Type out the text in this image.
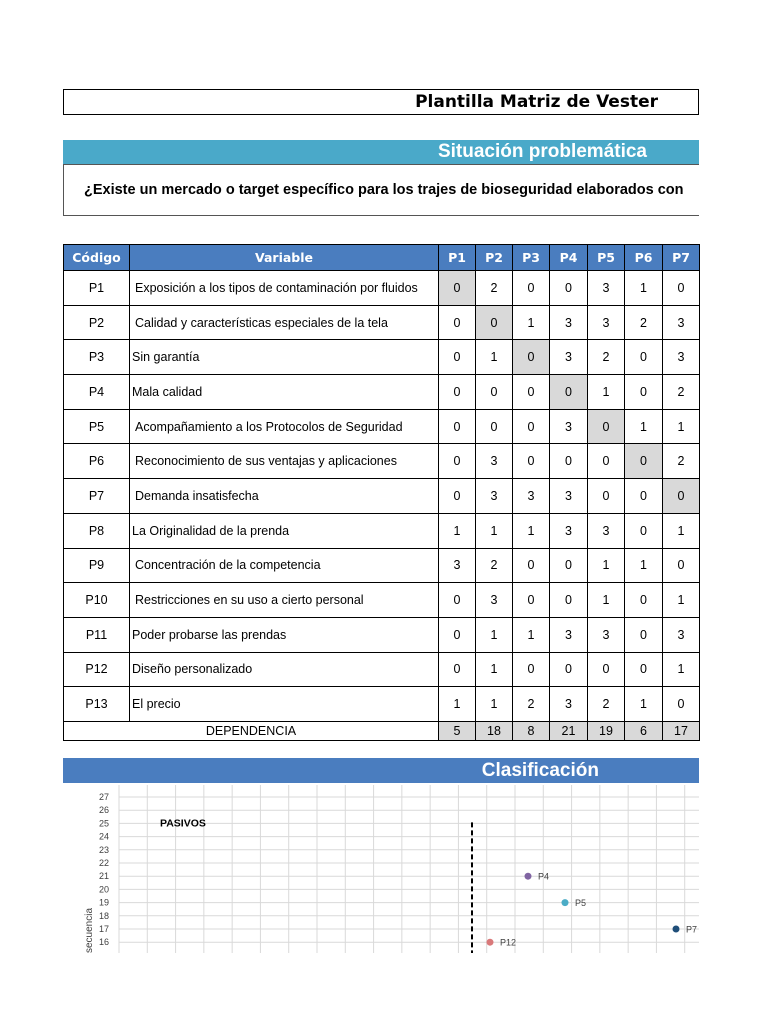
Plantilla Matriz de Vester
Situación problemática
¿Existe un mercado o target específico para los trajes de bioseguridad elaborados con
Código	Variable	P1	P2	P3	P4	P5	P6	P7
P1	Exposición a los tipos de contaminación por fluidos	0	2	0	0	3	1	0
P2	Calidad y características especiales de la tela	0	0	1	3	3	2	3
P3	Sin garantía	0	1	0	3	2	0	3
P4	Mala calidad	0	0	0	0	1	0	2
P5	Acompañamiento a los Protocolos de Seguridad	0	0	0	3	0	1	1
P6	Reconocimiento de sus ventajas y aplicaciones	0	3	0	0	0	0	2
P7	Demanda insatisfecha	0	3	3	3	0	0	0
P8	La Originalidad de la prenda	1	1	1	3	3	0	1
P9	Concentración de la competencia	3	2	0	0	1	1	0
P10	Restricciones en su uso a cierto personal	0	3	0	0	1	0	1
P11	Poder probarse las prendas	0	1	1	3	3	0	3
P12	Diseño personalizado	0	1	0	0	0	0	1
P13	El precio	1	1	2	3	2	1	0
DEPENDENCIA		5	18	8	21	19	6	17
Clasificación
16
17
18
19
20
21
22
23
24
25
26
27
secuencia
PASIVOS
P4
P5
P7
P12
